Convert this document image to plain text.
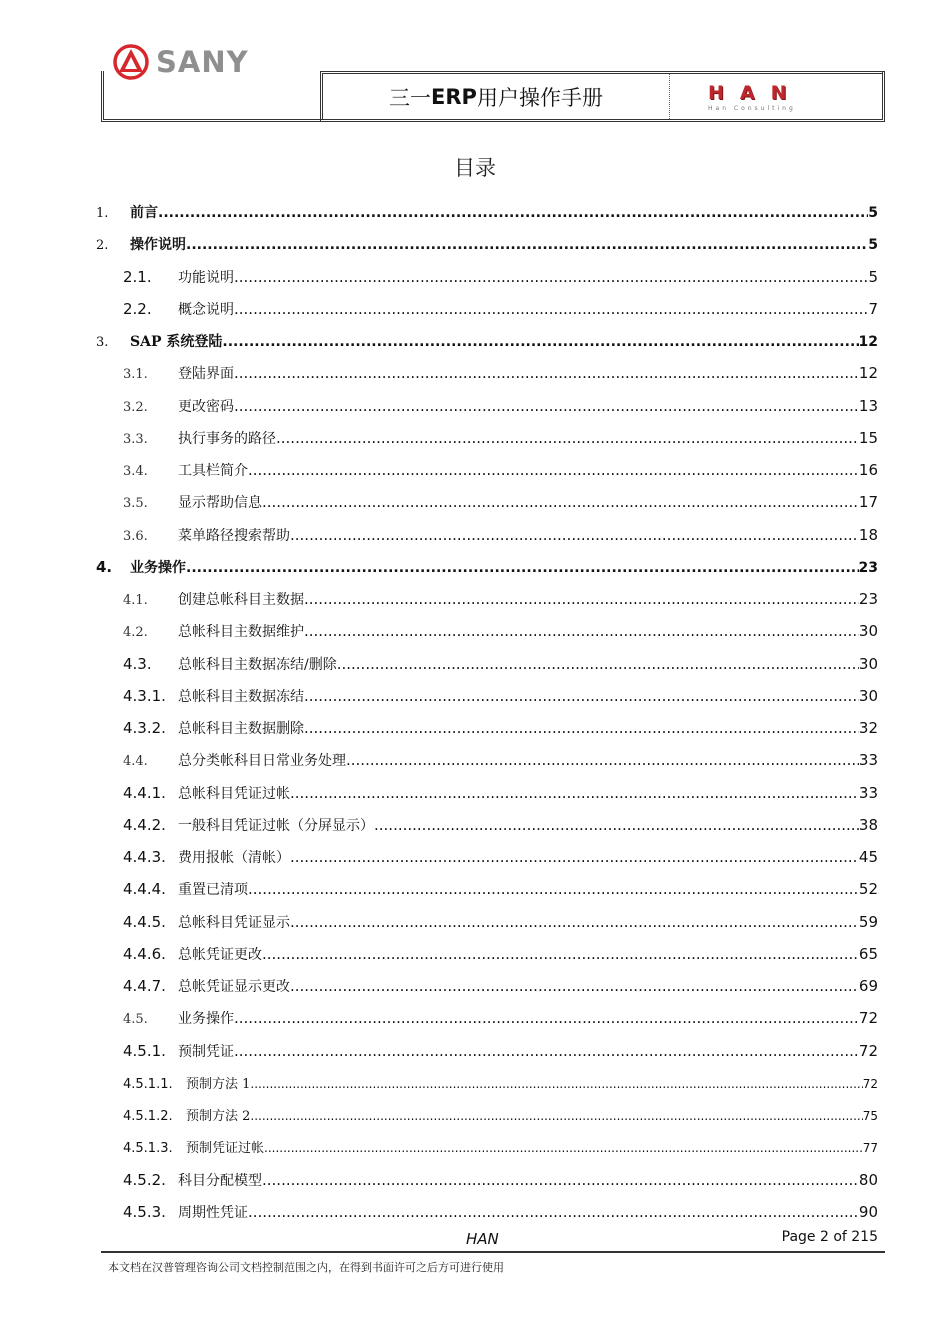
SANY
三一 ERP 用户操作手册	H A N
Han Consulting
目录
1.	前言 .....	5
2.	操作说明 .....	5
2.1.	功能说明 .....	5
2.2.	概念说明 .....	7
3.	SAP 系统登陆 .....	12
3.1.	登陆界面 .....	12
3.2.	更改密码 .....	13
3.3.	执行事务的路径 .....	15
3.4.	工具栏简介 .....	16
3.5.	显示帮助信息 .....	17
3.6.	菜单路径搜索帮助 .....	18
4.	业务操作 .....	23
4.1.	创建总帐科目主数据 .....	23
4.2.	总帐科目主数据维护 .....	30
4.3.	总帐科目主数据冻结/删除 .....	30
4.3.1. 总帐科目主数据冻结 .....	30
4.3.2. 总帐科目主数据删除 .....	32
4.4.	总分类帐科目日常业务处理 .....	33
4.4.1. 总帐科目凭证过帐 .....	33
4.4.2. 一般科目凭证过帐（分屏显示） .....	38
4.4.3. 费用报帐（清帐） .....	45
4.4.4. 重置已清项 .....	52
4.4.5. 总帐科目凭证显示 .....	59
4.4.6. 总帐凭证更改 .....	65
4.4.7. 总帐凭证显示更改 .....	69
4.5.	业务操作 .....	72
4.5.1. 预制凭证 .....	72
4.5.1.1.	预制方法 1 .....	72
4.5.1.2.	预制方法 2 .....	75
4.5.1.3.	预制凭证过帐 .....	77
4.5.2. 科目分配模型 .....	80
4.5.3. 周期性凭证 .....	90
HAN	Page 2 of 215
本文档在汉普管理咨询公司文档控制范围之内，在得到书面许可之后方可进行使用
